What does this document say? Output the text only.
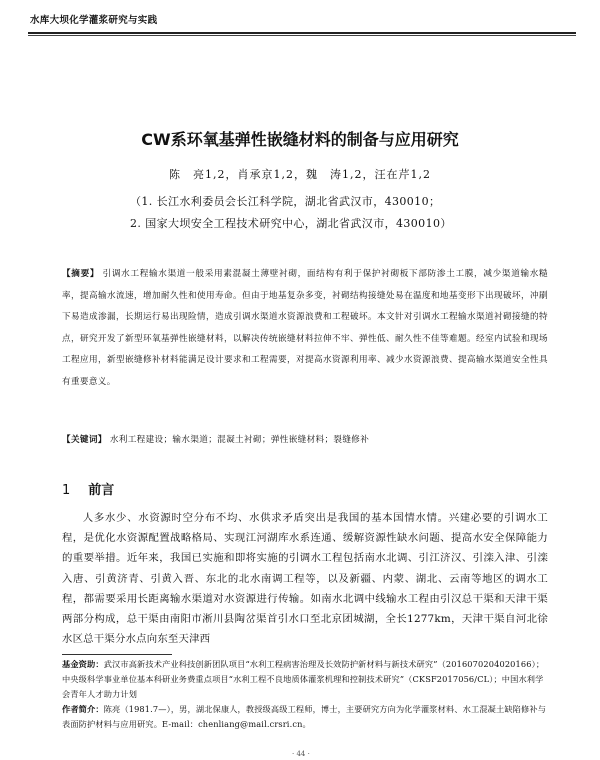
水库大坝化学灌浆研究与实践
CW系环氧基弹性嵌缝材料的制备与应用研究
陈　亮1,2，肖承京1,2，魏　涛1,2，汪在芹1,2
（1. 长江水利委员会长江科学院，湖北省武汉市，430010；
2. 国家大坝安全工程技术研究中心，湖北省武汉市，430010）
【摘要】 引调水工程输水渠道一般采用素混凝土薄壁衬砌，面结构有利于保护衬砌板下部防渗土工膜，减少渠道输水糙率，提高输水流速，增加耐久性和使用寿命。但由于地基复杂多变，衬砌结构接缝处易在温度和地基变形下出现破坏，冲刷下易造成渗漏，长期运行易出现险情，造成引调水渠道水资源浪费和工程破坏。本文针对引调水工程输水渠道衬砌接缝的特点，研究开发了新型环氧基弹性嵌缝材料，以解决传统嵌缝材料拉伸不牢、弹性低、耐久性不佳等难题。经室内试验和现场工程应用，新型嵌缝修补材料能满足设计要求和工程需要，对提高水资源利用率、减少水资源浪费、提高输水渠道安全性具有重要意义。
【关键词】 水利工程建设；输水渠道；混凝土衬砌；弹性嵌缝材料；裂缝修补
1 前言
人多水少、水资源时空分布不均、水供求矛盾突出是我国的基本国情水情。兴建必要的引调水工程，是优化水资源配置战略格局、实现江河湖库水系连通、缓解资源性缺水问题、提高水安全保障能力的重要举措。近年来，我国已实施和即将实施的引调水工程包括南水北调、引江济汉、引滦入津、引滦入唐、引黄济青、引黄入晋、东北的北水南调工程等，以及新疆、内蒙、湖北、云南等地区的调水工程，都需要采用长距离输水渠道对水资源进行传输。如南水北调中线输水工程由引汉总干渠和天津干渠两部分构成，总干渠由南阳市淅川县陶岔渠首引水口至北京团城湖，全长1277km，天津干渠自河北徐水区总干渠分水点向东至天津西

基金资助：武汉市高新技术产业科技创新团队项目“水利工程病害治理及长效防护新材料与新技术研究”（2016070204020166）；中央级科学事业单位基本科研业务费重点项目“水利工程不良地质体灌浆机理和控制技术研究”（CKSF2017056/CL）；中国水利学会青年人才助力计划

作者简介：陈亮（1981.7—），男，湖北保康人，教授级高级工程师，博士，主要研究方向为化学灌浆材料、水工混凝土缺陷修补与表面防护材料与应用研究。E-mail：chenliang@mail.crsri.cn。

· 44 ·
